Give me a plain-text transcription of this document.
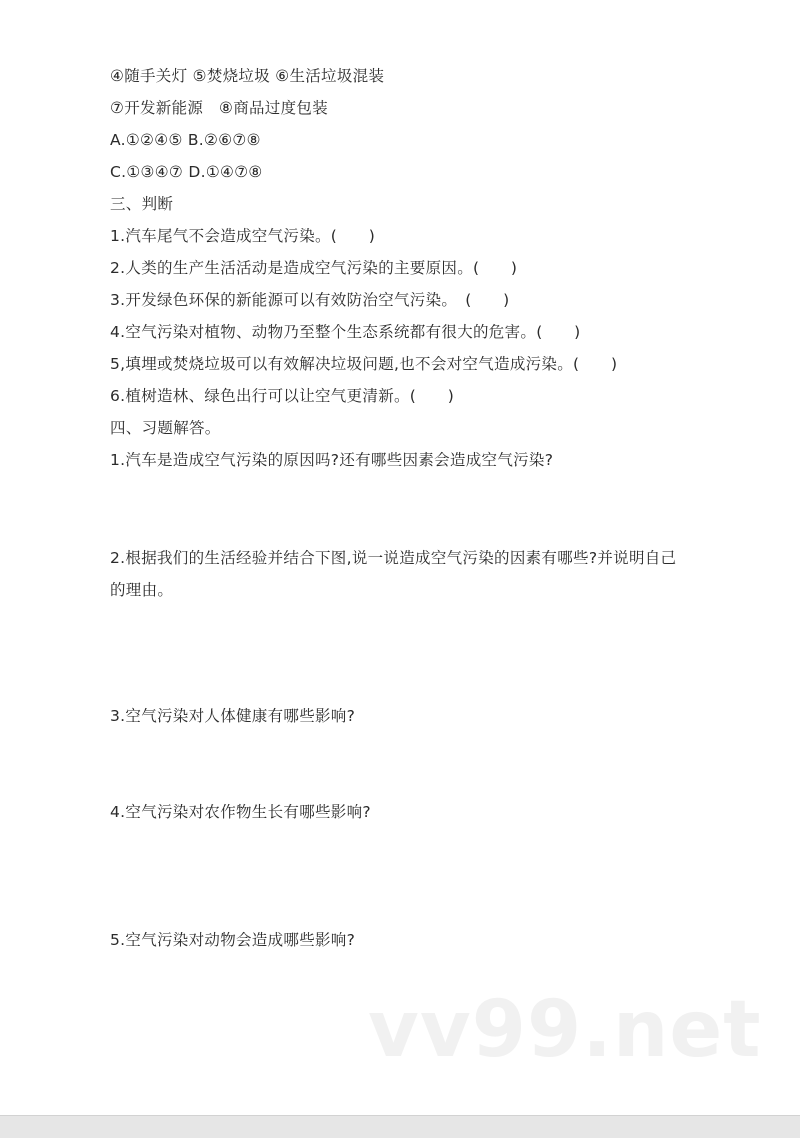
④随手关灯 ⑤焚烧垃圾 ⑥生活垃圾混装
⑦开发新能源　⑧商品过度包装
A.①②④⑤ B.②⑥⑦⑧
C.①③④⑦ D.①④⑦⑧
三、判断
1.汽车尾气不会造成空气污染。(　　)
2.人类的生产生活活动是造成空气污染的主要原因。(　　)
3.开发绿色环保的新能源可以有效防治空气污染。　(　　)
4.空气污染对植物、动物乃至整个生态系统都有很大的危害。(　　)
5,填埋或焚烧垃圾可以有效解决垃圾问题,也不会对空气造成污染。(　　)
6.植树造林、绿色出行可以让空气更清新。(　　)
四、习题解答。
1.汽车是造成空气污染的原因吗?还有哪些因素会造成空气污染?
2.根据我们的生活经验并结合下图,说一说造成空气污染的因素有哪些?并说明自己的理由。
3.空气污染对人体健康有哪些影响?
4.空气污染对农作物生长有哪些影响?
5.空气污染对动物会造成哪些影响?
vv99.net
